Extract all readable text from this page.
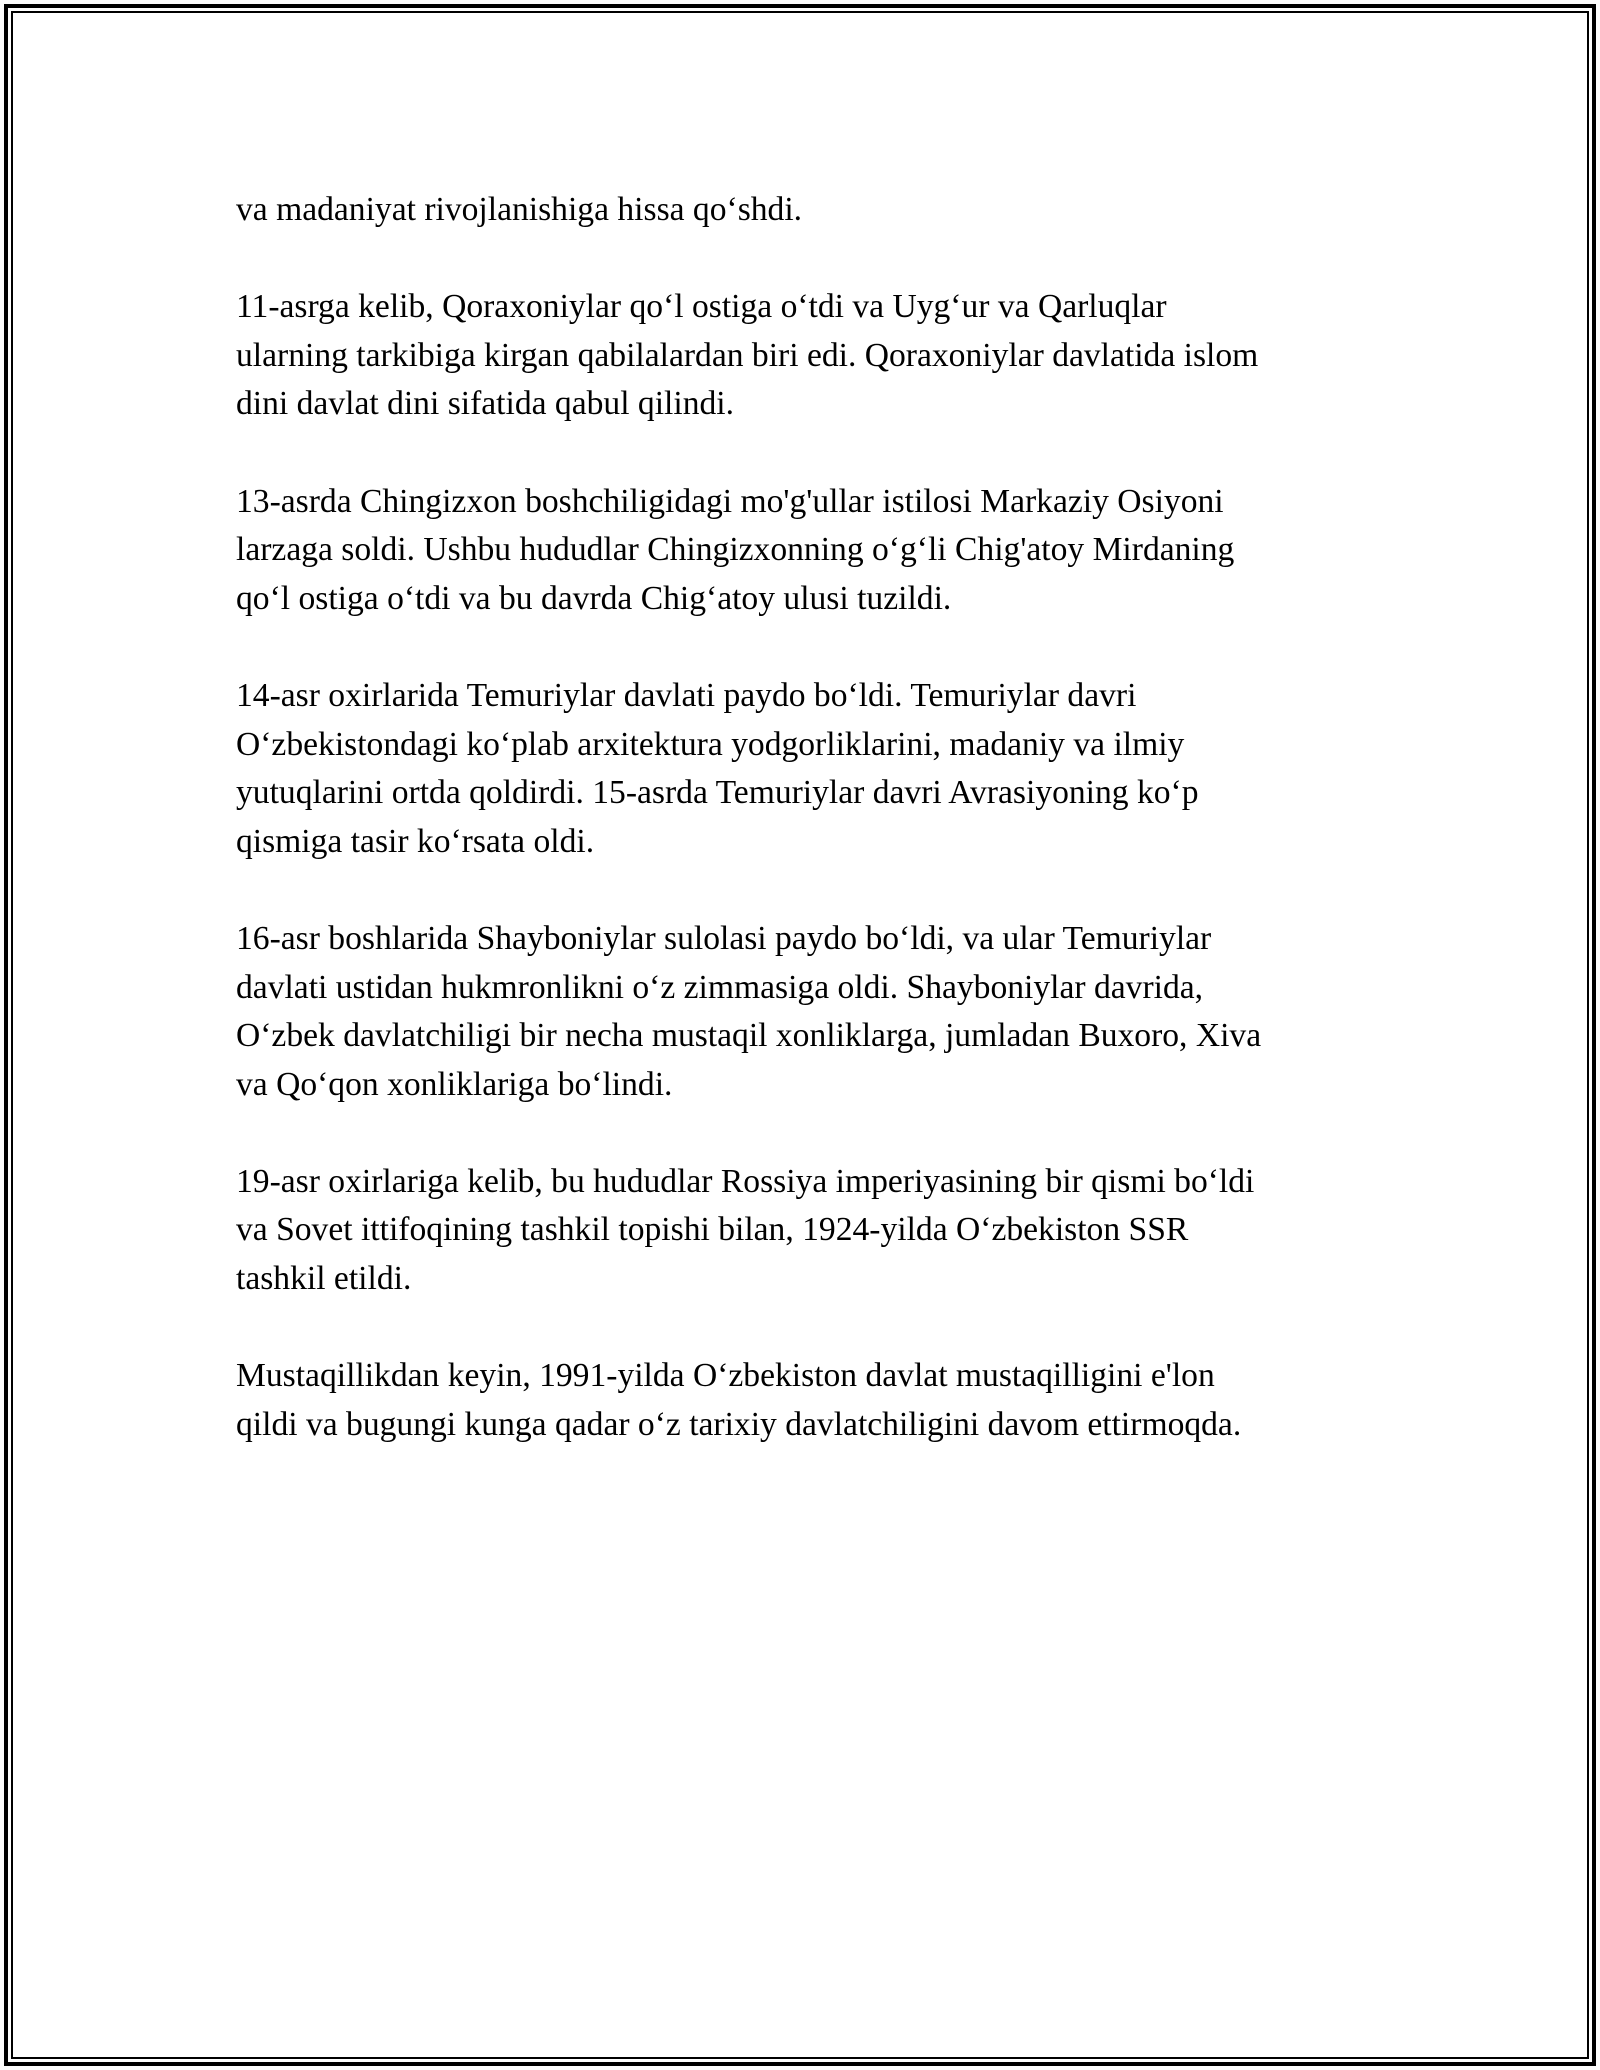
va madaniyat rivojlanishiga hissa qo‘shdi.

11-asrga kelib, Qoraxoniylar qo‘l ostiga o‘tdi va Uyg‘ur va Qarluqlar
ularning tarkibiga kirgan qabilalardan biri edi. Qoraxoniylar davlatida islom
dini davlat dini sifatida qabul qilindi.

13-asrda Chingizxon boshchiligidagi mo'g'ullar istilosi Markaziy Osiyoni
larzaga soldi. Ushbu hududlar Chingizxonning o‘g‘li Chig'atoy Mirdaning
qo‘l ostiga o‘tdi va bu davrda Chig‘atoy ulusi tuzildi.

14-asr oxirlarida Temuriylar davlati paydo bo‘ldi. Temuriylar davri
O‘zbekistondagi ko‘plab arxitektura yodgorliklarini, madaniy va ilmiy
yutuqlarini ortda qoldirdi. 15-asrda Temuriylar davri Avrasiyoning ko‘p
qismiga tasir ko‘rsata oldi.

16-asr boshlarida Shayboniylar sulolasi paydo bo‘ldi, va ular Temuriylar
davlati ustidan hukmronlikni o‘z zimmasiga oldi. Shayboniylar davrida,
O‘zbek davlatchiligi bir necha mustaqil xonliklarga, jumladan Buxoro, Xiva
va Qo‘qon xonliklariga bo‘lindi.

19-asr oxirlariga kelib, bu hududlar Rossiya imperiyasining bir qismi bo‘ldi
va Sovet ittifoqining tashkil topishi bilan, 1924-yilda O‘zbekiston SSR
tashkil etildi.

Mustaqillikdan keyin, 1991-yilda O‘zbekiston davlat mustaqilligini e'lon
qildi va bugungi kunga qadar o‘z tarixiy davlatchiligini davom ettirmoqda.
